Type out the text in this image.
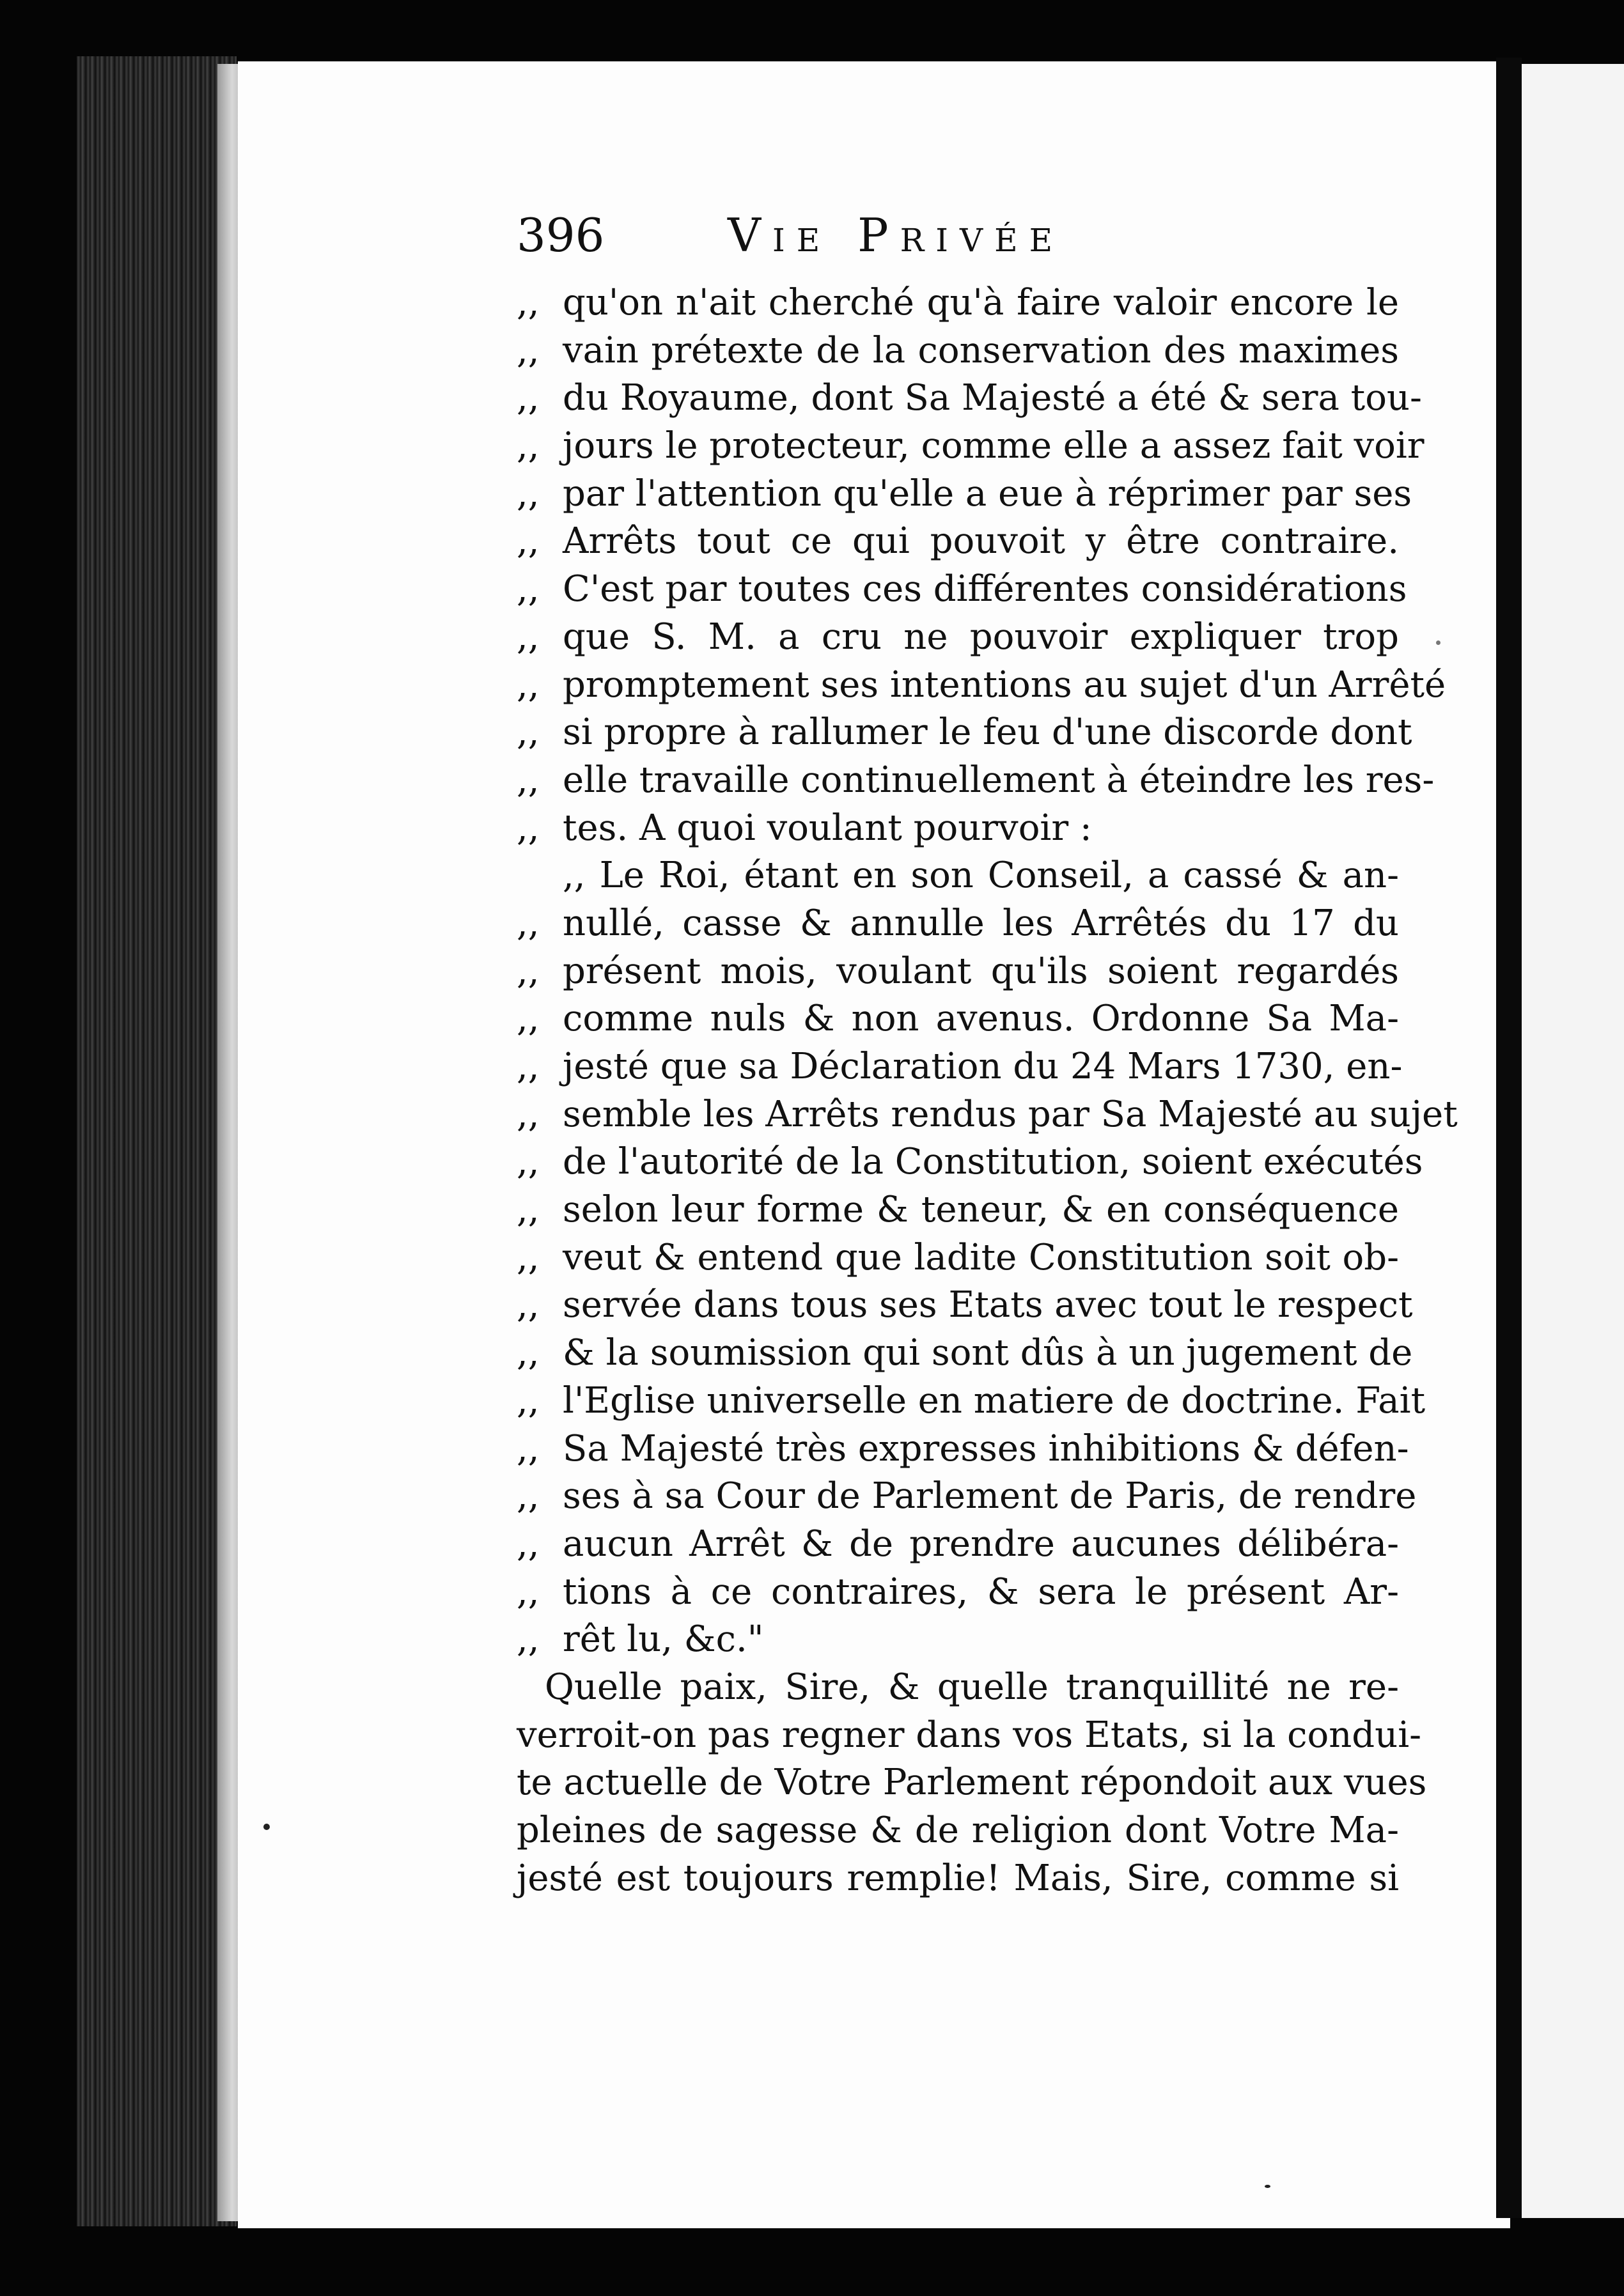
396	Vie Privée
,, qu'on n'ait cherché qu'à faire valoir encore le
,, vain prétexte de la conservation des maximes
,, du Royaume, dont Sa Majesté a été & sera tou-
,, jours le protecteur, comme elle a assez fait voir
,, par l'attention qu'elle a eue à réprimer par ses
,, Arrêts tout ce qui pouvoit y être contraire.
,, C'est par toutes ces différentes considérations
,, que S. M. a cru ne pouvoir expliquer trop
,, promptement ses intentions au sujet d'un Arrêté
,, si propre à rallumer le feu d'une discorde dont
,, elle travaille continuellement à éteindre les res-
,, tes. A quoi voulant pourvoir :
,, Le Roi, étant en son Conseil, a cassé & an-
,, nullé, casse & annulle les Arrêtés du 17 du
,, présent mois, voulant qu'ils soient regardés
,, comme nuls & non avenus. Ordonne Sa Ma-
,, jesté que sa Déclaration du 24 Mars 1730, en-
,, semble les Arrêts rendus par Sa Majesté au sujet
,, de l'autorité de la Constitution, soient exécutés
,, selon leur forme & teneur, & en conséquence
,, veut & entend que ladite Constitution soit ob-
,, servée dans tous ses Etats avec tout le respect
,, & la soumission qui sont dûs à un jugement de
,, l'Eglise universelle en matiere de doctrine. Fait
,, Sa Majesté très expresses inhibitions & défen-
,, ses à sa Cour de Parlement de Paris, de rendre
,, aucun Arrêt & de prendre aucunes délibéra-
,, tions à ce contraires, & sera le présent Ar-
,, rêt lu, &c."
Quelle paix, Sire, & quelle tranquillité ne re-
verroit-on pas regner dans vos Etats, si la condui-
te actuelle de Votre Parlement répondoit aux vues
pleines de sagesse & de religion dont Votre Ma-
jesté est toujours remplie! Mais, Sire, comme si
